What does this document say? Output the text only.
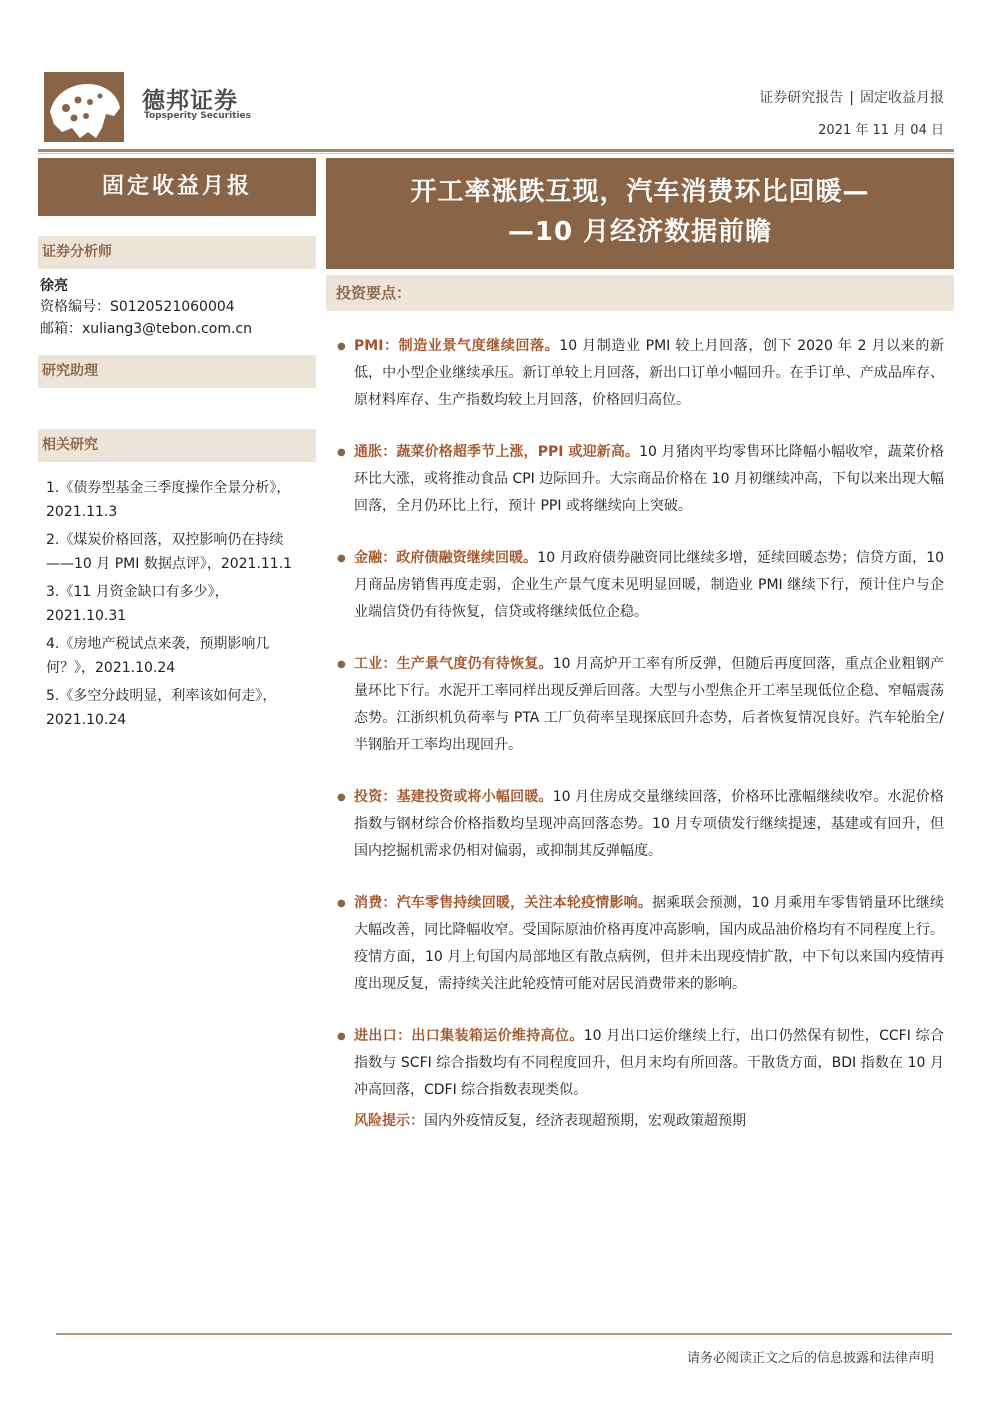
德邦证券
Topsperity Securities
证券研究报告 | 固定收益月报
2021 年 11 月 04 日
固定收益月报	开工率涨跌互现，汽车消费环比回暖—
—10 月经济数据前瞻
证券分析师
徐亮
资格编号：S0120521060004
邮箱：xuliang3@tebon.com.cn
研究助理
相关研究
1.《债券型基金三季度操作全景分析》，2021.11.3
2.《煤炭价格回落，双控影响仍在持续——10 月 PMI 数据点评》，2021.11.1
3.《11 月资金缺口有多少》，2021.10.31
4.《房地产税试点来袭，预期影响几何？》，2021.10.24
5.《多空分歧明显，利率该如何走》，2021.10.24
投资要点：
● PMI：制造业景气度继续回落。10 月制造业 PMI 较上月回落，创下 2020 年 2 月以来的新低，中小型企业继续承压。新订单较上月回落，新出口订单小幅回升。在手订单、产成品库存、原材料库存、生产指数均较上月回落，价格回归高位。
● 通胀：蔬菜价格超季节上涨，PPI 或迎新高。10 月猪肉平均零售环比降幅小幅收窄，蔬菜价格环比大涨，或将推动食品 CPI 边际回升。大宗商品价格在 10 月初继续冲高，下旬以来出现大幅回落，全月仍环比上行，预计 PPI 或将继续向上突破。
● 金融：政府债融资继续回暖。10 月政府债券融资同比继续多增，延续回暖态势；信贷方面，10 月商品房销售再度走弱，企业生产景气度未见明显回暖，制造业 PMI 继续下行，预计住户与企业端信贷仍有待恢复，信贷或将继续低位企稳。
● 工业：生产景气度仍有待恢复。10 月高炉开工率有所反弹，但随后再度回落，重点企业粗钢产量环比下行。水泥开工率同样出现反弹后回落。大型与小型焦企开工率呈现低位企稳、窄幅震荡态势。江浙织机负荷率与 PTA 工厂负荷率呈现探底回升态势，后者恢复情况良好。汽车轮胎全/半钢胎开工率均出现回升。
● 投资：基建投资或将小幅回暖。10 月住房成交量继续回落，价格环比涨幅继续收窄。水泥价格指数与钢材综合价格指数均呈现冲高回落态势。10 月专项债发行继续提速，基建或有回升，但国内挖掘机需求仍相对偏弱，或抑制其反弹幅度。
● 消费：汽车零售持续回暖，关注本轮疫情影响。据乘联会预测，10 月乘用车零售销量环比继续大幅改善，同比降幅收窄。受国际原油价格再度冲高影响，国内成品油价格均有不同程度上行。疫情方面，10 月上旬国内局部地区有散点病例，但并未出现疫情扩散，中下旬以来国内疫情再度出现反复，需持续关注此轮疫情可能对居民消费带来的影响。
● 进出口：出口集装箱运价维持高位。10 月出口运价继续上行，出口仍然保有韧性，CCFI 综合指数与 SCFI 综合指数均有不同程度回升，但月末均有所回落。干散货方面，BDI 指数在 10 月冲高回落，CDFI 综合指数表现类似。
风险提示：国内外疫情反复，经济表现超预期，宏观政策超预期
请务必阅读正文之后的信息披露和法律声明
